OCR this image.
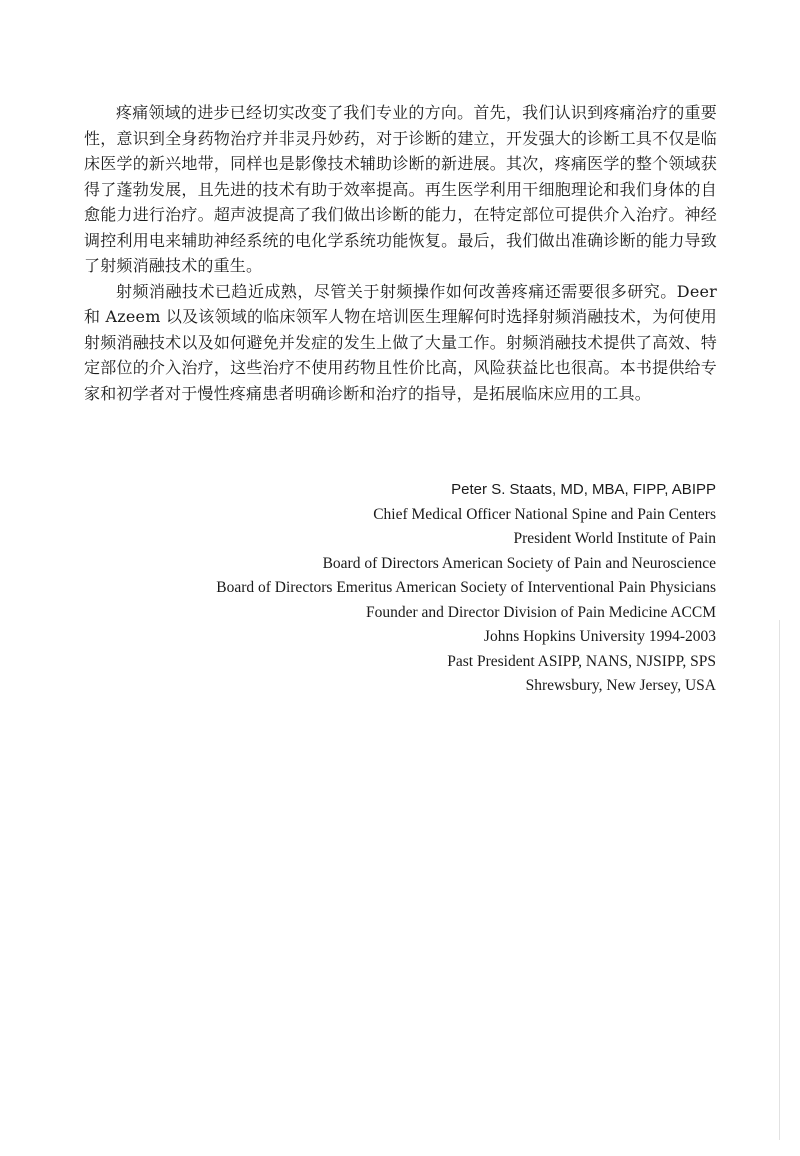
疼痛领域的进步已经切实改变了我们专业的方向。首先，我们认识到疼痛治疗的重要性，意识到全身药物治疗并非灵丹妙药，对于诊断的建立，开发强大的诊断工具不仅是临床医学的新兴地带，同样也是影像技术辅助诊断的新进展。其次，疼痛医学的整个领域获得了蓬勃发展，且先进的技术有助于效率提高。再生医学利用干细胞理论和我们身体的自愈能力进行治疗。超声波提高了我们做出诊断的能力，在特定部位可提供介入治疗。神经调控利用电来辅助神经系统的电化学系统功能恢复。最后，我们做出准确诊断的能力导致了射频消融技术的重生。

射频消融技术已趋近成熟，尽管关于射频操作如何改善疼痛还需要很多研究。Deer 和 Azeem 以及该领域的临床领军人物在培训医生理解何时选择射频消融技术，为何使用射频消融技术以及如何避免并发症的发生上做了大量工作。射频消融技术提供了高效、特定部位的介入治疗，这些治疗不使用药物且性价比高，风险获益比也很高。本书提供给专家和初学者对于慢性疼痛患者明确诊断和治疗的指导，是拓展临床应用的工具。

Peter S. Staats, MD, MBA, FIPP, ABIPP
Chief Medical Officer National Spine and Pain Centers
President World Institute of Pain
Board of Directors American Society of Pain and Neuroscience
Board of Directors Emeritus American Society of Interventional Pain Physicians
Founder and Director Division of Pain Medicine ACCM
Johns Hopkins University 1994-2003
Past President ASIPP, NANS, NJSIPP, SPS
Shrewsbury, New Jersey, USA
